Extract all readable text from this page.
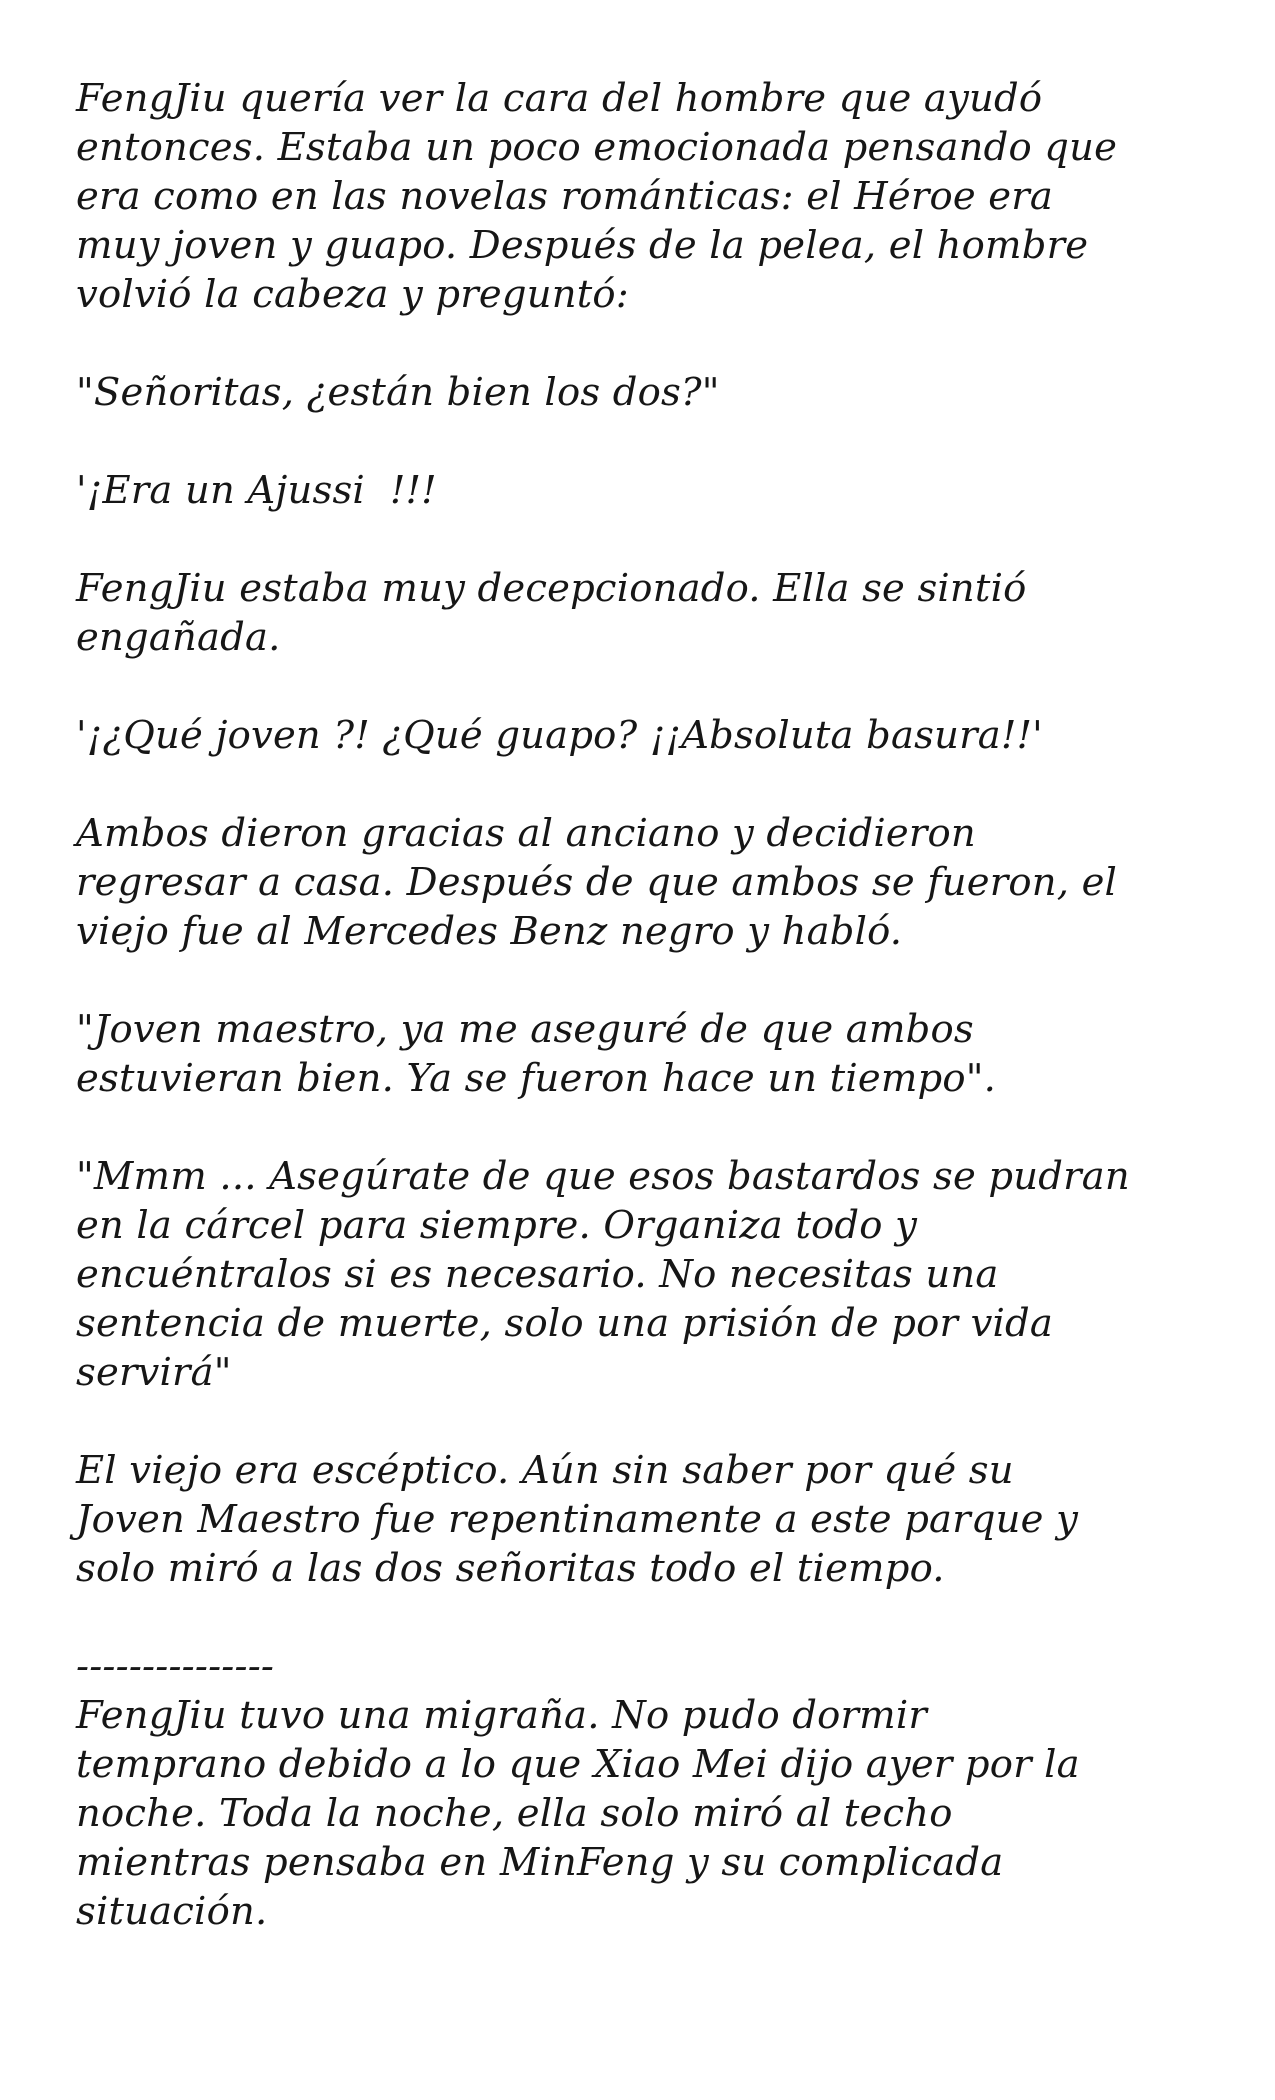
FengJiu quería ver la cara del hombre que ayudó
entonces. Estaba un poco emocionada pensando que
era como en las novelas románticas: el Héroe era
muy joven y guapo. Después de la pelea, el hombre
volvió la cabeza y preguntó:

"Señoritas, ¿están bien los dos?"

'¡Era un Ajussi  !!!

FengJiu estaba muy decepcionado. Ella se sintió
engañada.

'¡¿Qué joven ?! ¿Qué guapo? ¡¡Absoluta basura!!'

Ambos dieron gracias al anciano y decidieron
regresar a casa. Después de que ambos se fueron, el
viejo fue al Mercedes Benz negro y habló.

"Joven maestro, ya me aseguré de que ambos
estuvieran bien. Ya se fueron hace un tiempo".

"Mmm ... Asegúrate de que esos bastardos se pudran
en la cárcel para siempre. Organiza todo y
encuéntralos si es necesario. No necesitas una
sentencia de muerte, solo una prisión de por vida
servirá"

El viejo era escéptico. Aún sin saber por qué su
Joven Maestro fue repentinamente a este parque y
solo miró a las dos señoritas todo el tiempo.

---------------

FengJiu tuvo una migraña. No pudo dormir
temprano debido a lo que Xiao Mei dijo ayer por la
noche. Toda la noche, ella solo miró al techo
mientras pensaba en MinFeng y su complicada
situación.
